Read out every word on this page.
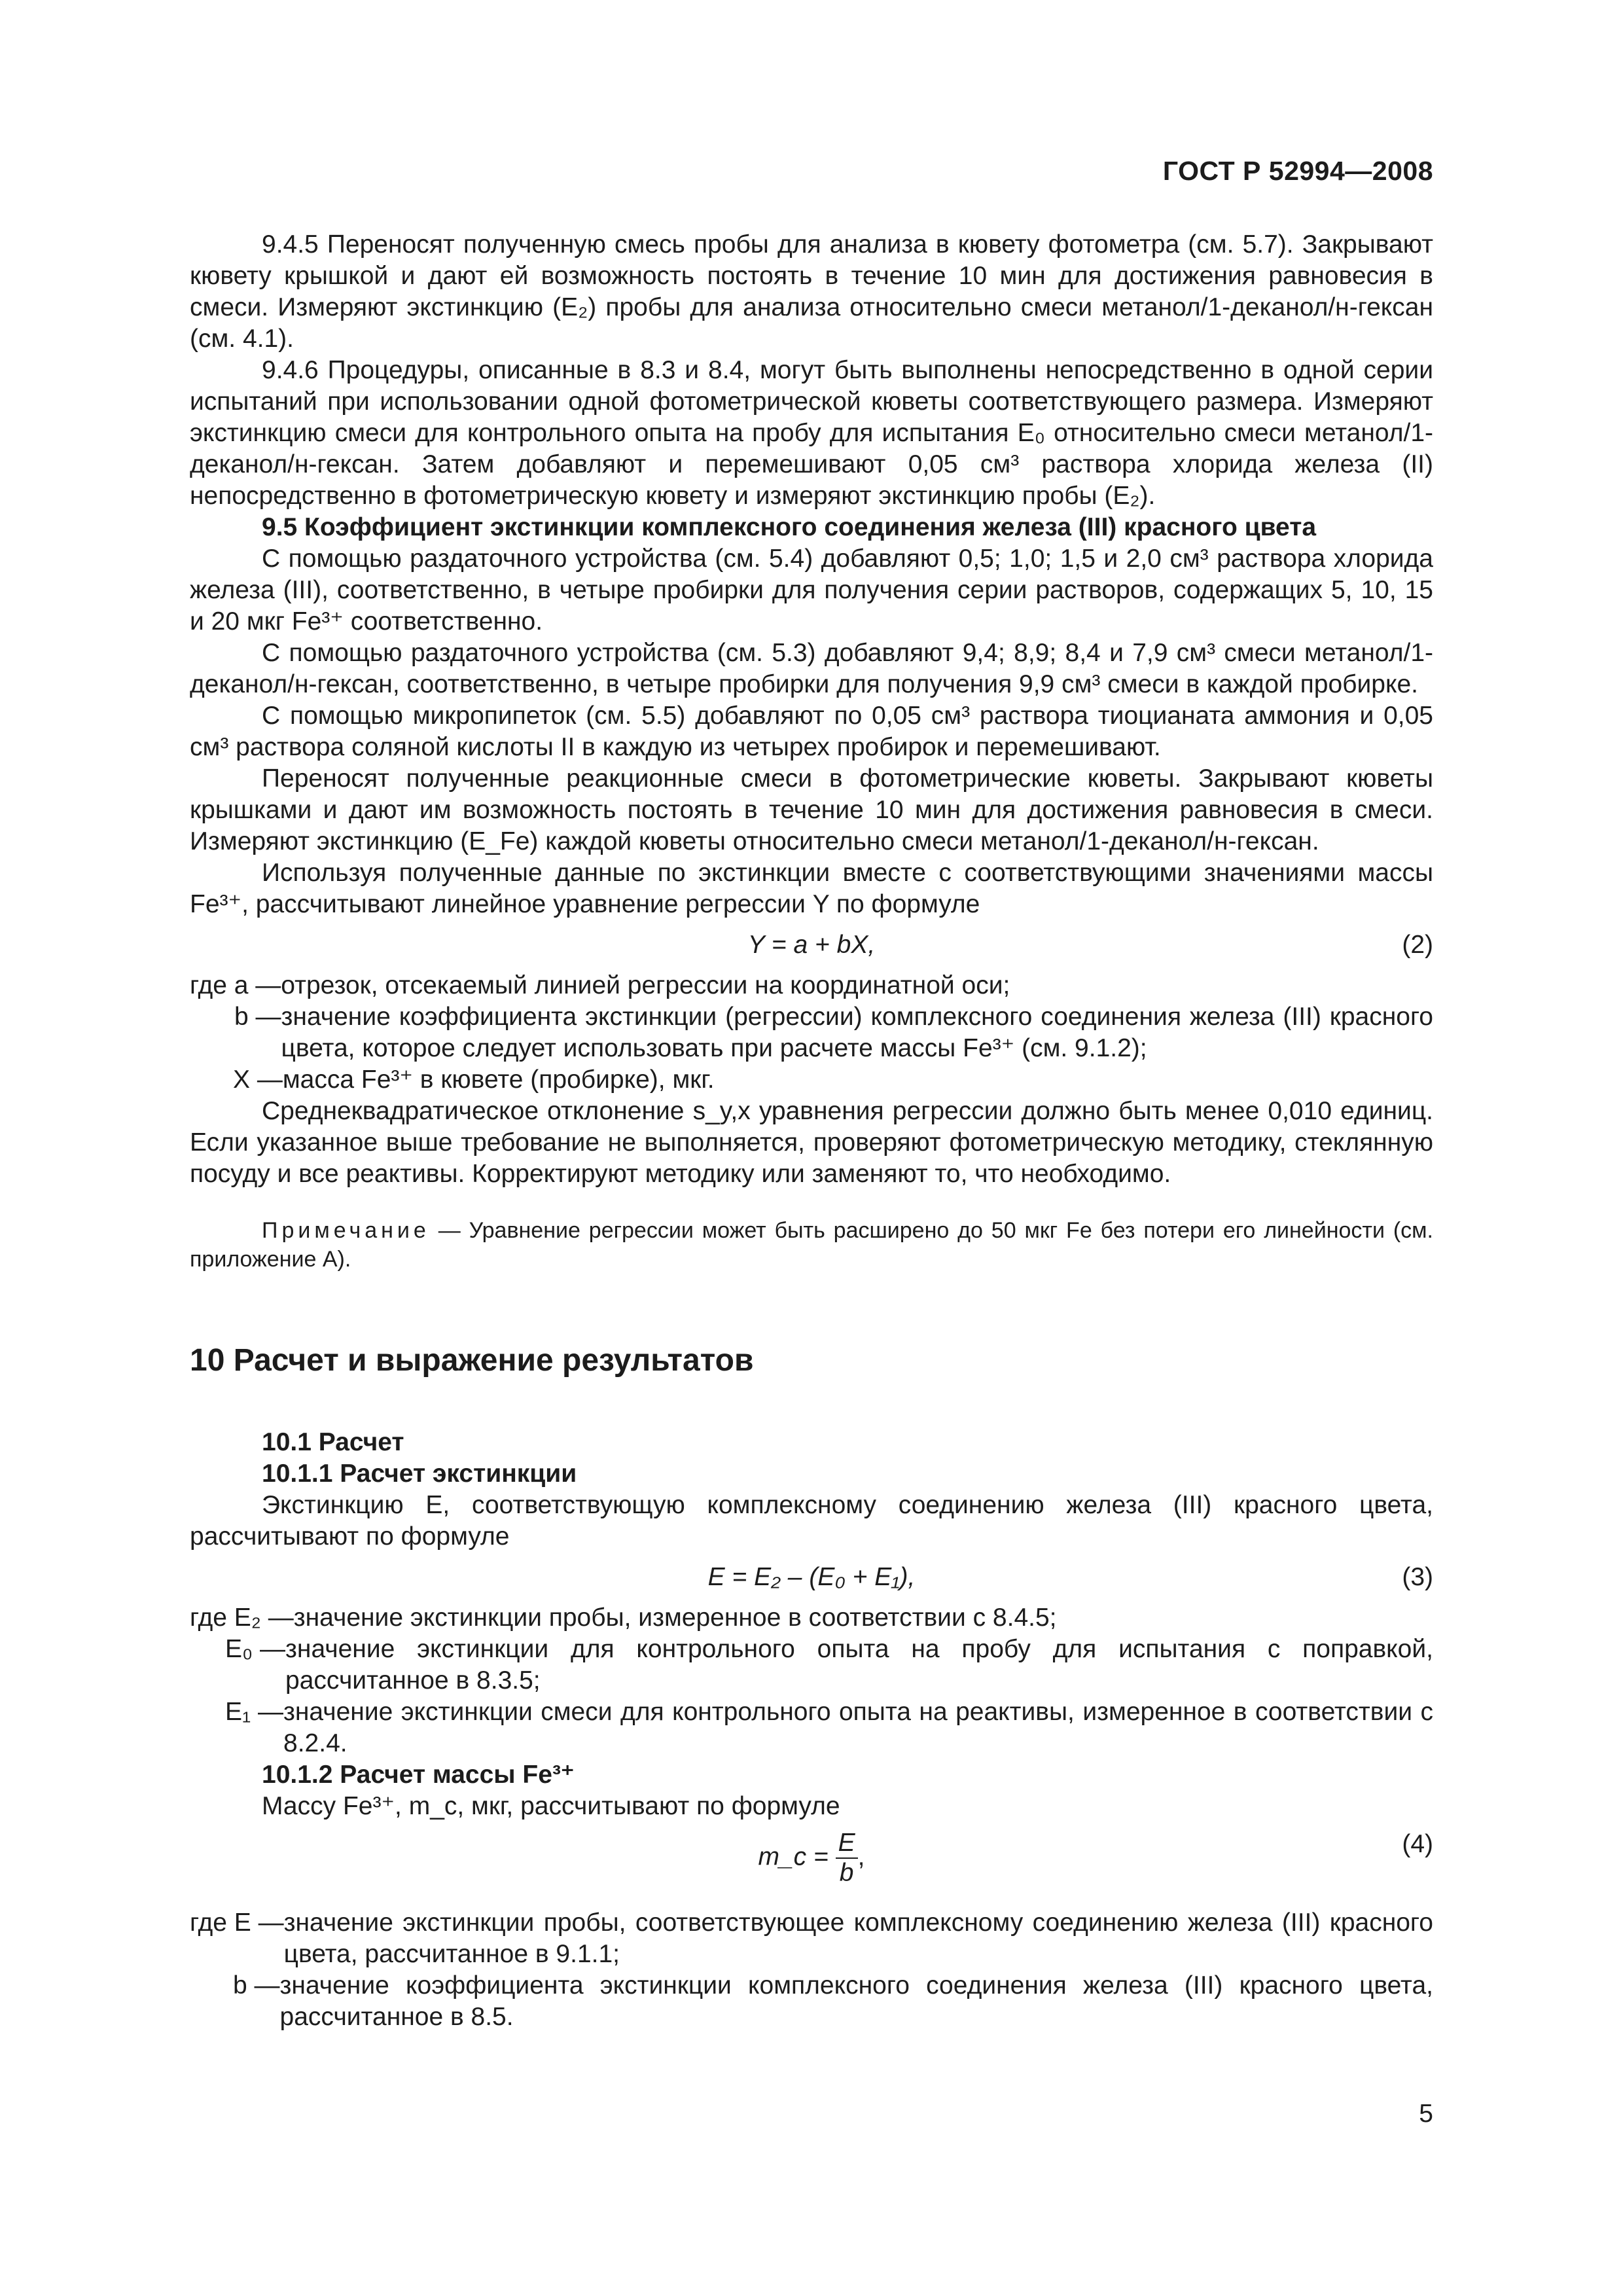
ГОСТ Р 52994—2008

9.4.5 Переносят полученную смесь пробы для анализа в кювету фотометра (см. 5.7). Закрывают кювету крышкой и дают ей возможность постоять в течение 10 мин для достижения равновесия в смеси. Измеряют экстинкцию (E₂) пробы для анализа относительно смеси метанол/1-деканол/н-гексан (см. 4.1).

9.4.6 Процедуры, описанные в 8.3 и 8.4, могут быть выполнены непосредственно в одной серии испытаний при использовании одной фотометрической кюветы соответствующего размера. Измеряют экстинкцию смеси для контрольного опыта на пробу для испытания E₀ относительно смеси метанол/1-деканол/н-гексан. Затем добавляют и перемешивают 0,05 см³ раствора хлорида железа (II) непосредственно в фотометрическую кювету и измеряют экстинкцию пробы (E₂).

9.5 Коэффициент экстинкции комплексного соединения железа (III) красного цвета

С помощью раздаточного устройства (см. 5.4) добавляют 0,5; 1,0; 1,5 и 2,0 см³ раствора хлорида железа (III), соответственно, в четыре пробирки для получения серии растворов, содержащих 5, 10, 15 и 20 мкг Fe³⁺ соответственно.

С помощью раздаточного устройства (см. 5.3) добавляют 9,4; 8,9; 8,4 и 7,9 см³ смеси метанол/1-деканол/н-гексан, соответственно, в четыре пробирки для получения 9,9 см³ смеси в каждой пробирке.

С помощью микропипеток (см. 5.5) добавляют по 0,05 см³ раствора тиоцианата аммония и 0,05 см³ раствора соляной кислоты II в каждую из четырех пробирок и перемешивают.

Переносят полученные реакционные смеси в фотометрические кюветы. Закрывают кюветы крышками и дают им возможность постоять в течение 10 мин для достижения равновесия в смеси. Измеряют экстинкцию (E_Fe) каждой кюветы относительно смеси метанол/1-деканол/н-гексан.

Используя полученные данные по экстинкции вместе с соответствующими значениями массы Fe³⁺, рассчитывают линейное уравнение регрессии Y по формуле

Y = a + bX,	(2)
где a — отрезок, отсекаемый линией регрессии на координатной оси;
b — значение коэффициента экстинкции (регрессии) комплексного соединения железа (III) красного цвета, которое следует использовать при расчете массы Fe³⁺ (см. 9.1.2);
X — масса Fe³⁺ в кювете (пробирке), мкг.

Среднеквадратическое отклонение s_y,x уравнения регрессии должно быть менее 0,010 единиц. Если указанное выше требование не выполняется, проверяют фотометрическую методику, стеклянную посуду и все реактивы. Корректируют методику или заменяют то, что необходимо.

Примечание — Уравнение регрессии может быть расширено до 50 мкг Fe без потери его линейности (см. приложение А).

10 Расчет и выражение результатов

10.1 Расчет

10.1.1 Расчет экстинкции

Экстинкцию E, соответствующую комплексному соединению железа (III) красного цвета, рассчитывают по формуле

E = E₂ – (E₀ + E₁),	(3)
где E₂ — значение экстинкции пробы, измеренное в соответствии с 8.4.5;
E₀ — значение экстинкции для контрольного опыта на пробу для испытания с поправкой, рассчитанное в 8.3.5;
E₁ — значение экстинкции смеси для контрольного опыта на реактивы, измеренное в соответствии с 8.2.4.

10.1.2 Расчет массы Fe³⁺

Массу Fe³⁺, m_c, мкг, рассчитывают по формуле

m_c = $\frac{E}{b}$ ,	(4)
где E — значение экстинкции пробы, соответствующее комплексному соединению железа (III) красного цвета, рассчитанное в 9.1.1;
b — значение коэффициента экстинкции комплексного соединения железа (III) красного цвета, рассчитанное в 8.5.
5
